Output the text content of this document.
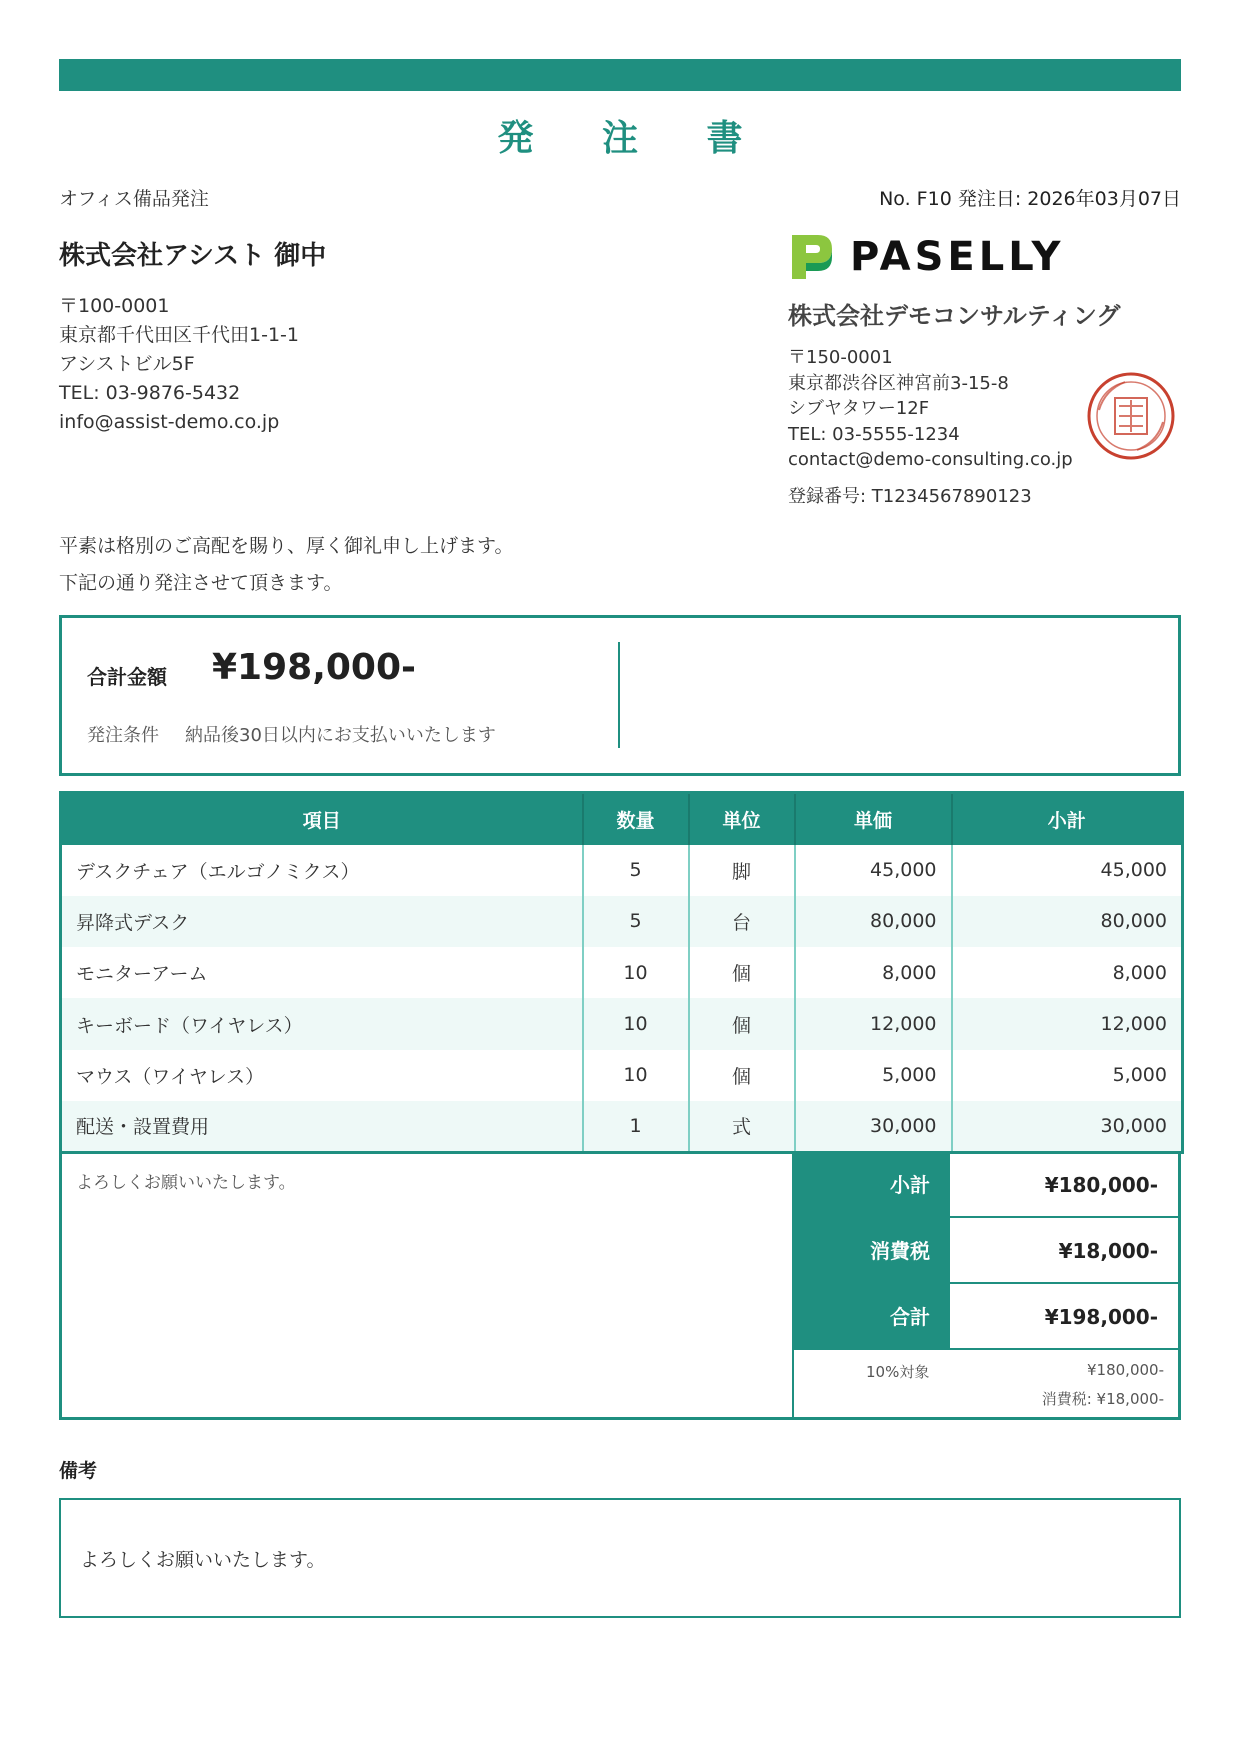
発 注 書
オフィス備品発注	No. F10 発注日: 2026年03月07日
株式会社アシスト 御中
〒100-0001
東京都千代田区千代田1-1-1
アシストビル5F
TEL: 03-9876-5432
info@assist-demo.co.jp
PASELLY
株式会社デモコンサルティング
〒150-0001
東京都渋谷区神宮前3-15-8
シブヤタワー12F
TEL: 03-5555-1234
contact@demo-consulting.co.jp
登録番号: T1234567890123
平素は格別のご高配を賜り、厚く御礼申し上げます。
下記の通り発注させて頂きます。
合計金額 ¥198,000-
発注条件 納品後30日以内にお支払いいたします
項目	数量	単位	単価	小計
デスクチェア（エルゴノミクス）	5	脚	45,000	45,000
昇降式デスク	5	台	80,000	80,000
モニターアーム	10	個	8,000	8,000
キーボード（ワイヤレス）	10	個	12,000	12,000
マウス（ワイヤレス）	10	個	5,000	5,000
配送・設置費用	1	式	30,000	30,000
よろしくお願いいたします。	小計	¥180,000-
消費税	¥18,000-
合計	¥198,000-
10%対象	¥180,000-
消費税: ¥18,000-
備考
よろしくお願いいたします。
